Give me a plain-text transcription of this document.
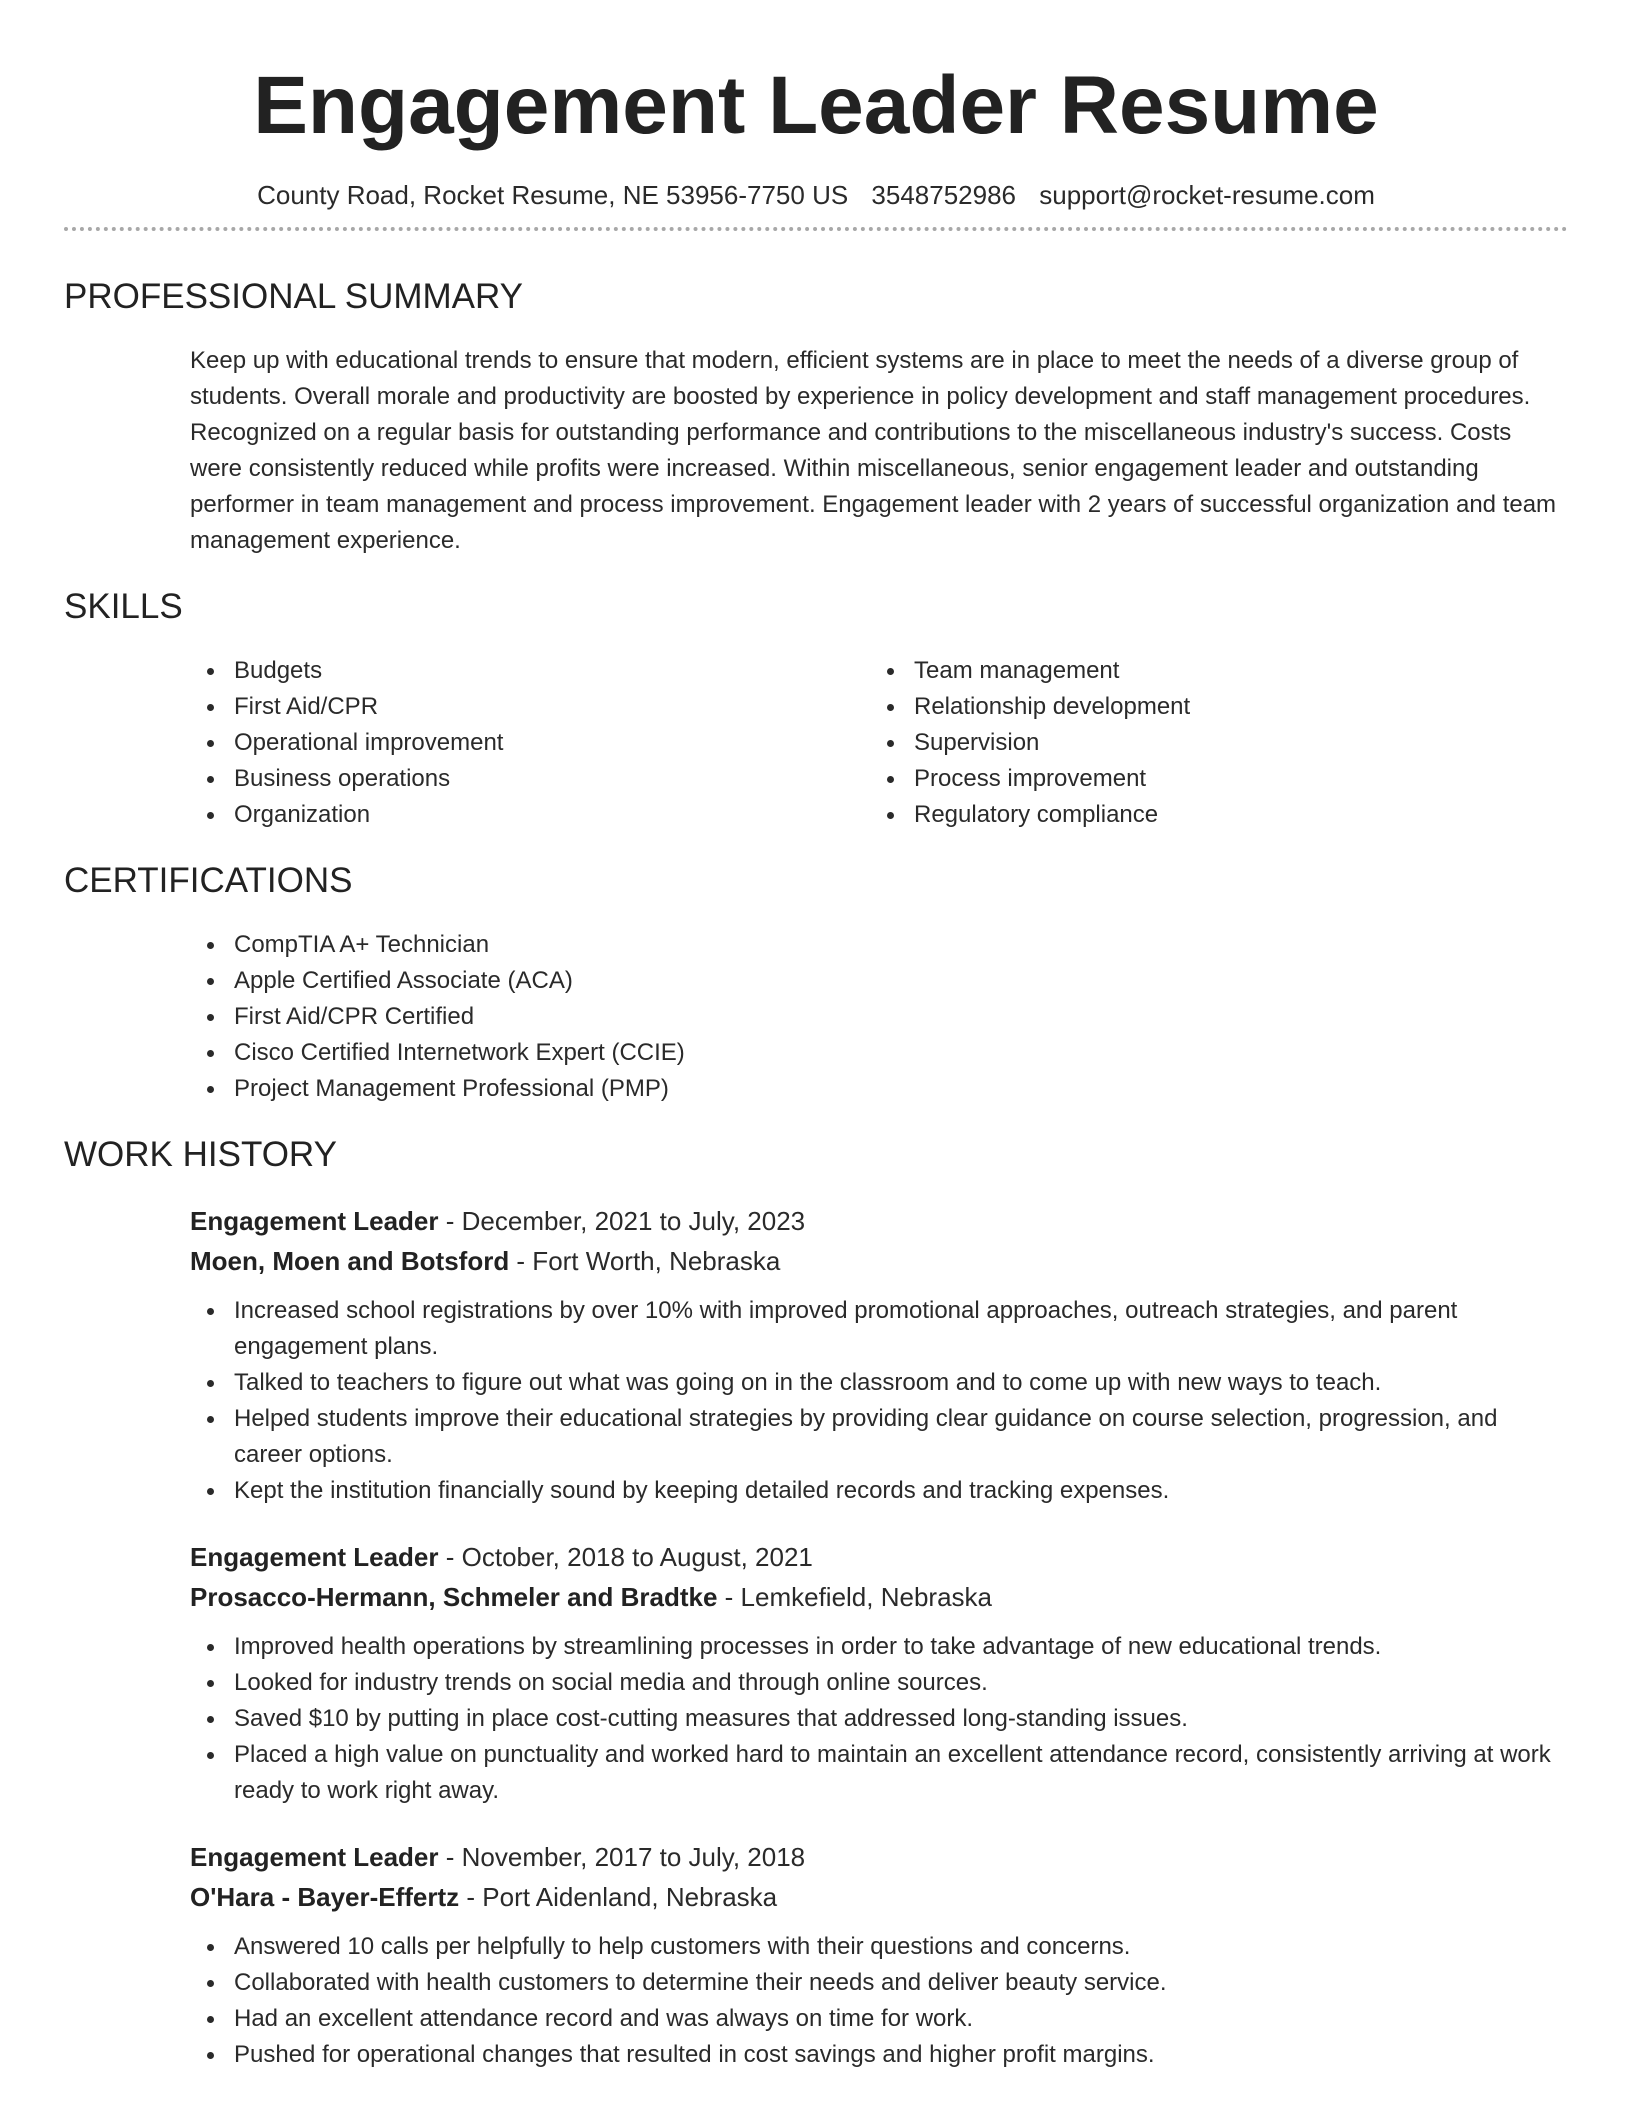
Engagement Leader Resume
County Road, Rocket Resume, NE 53956-7750 US 3548752986 support@rocket-resume.com
PROFESSIONAL SUMMARY

Keep up with educational trends to ensure that modern, efficient systems are in place to meet the needs of a diverse group of students. Overall morale and productivity are boosted by experience in policy development and staff management procedures. Recognized on a regular basis for outstanding performance and contributions to the miscellaneous industry's success. Costs were consistently reduced while profits were increased. Within miscellaneous, senior engagement leader and outstanding performer in team management and process improvement. Engagement leader with 2 years of successful organization and team management experience.

SKILLS
Budgets
First Aid/CPR
Operational improvement
Business operations
Organization
Team management
Relationship development
Supervision
Process improvement
Regulatory compliance
CERTIFICATIONS
CompTIA A+ Technician
Apple Certified Associate (ACA)
First Aid/CPR Certified
Cisco Certified Internetwork Expert (CCIE)
Project Management Professional (PMP)
WORK HISTORY
Engagement Leader - December, 2021 to July, 2023
Moen, Moen and Botsford - Fort Worth, Nebraska
Increased school registrations by over 10% with improved promotional approaches, outreach strategies, and parent engagement plans.
Talked to teachers to figure out what was going on in the classroom and to come up with new ways to teach.
Helped students improve their educational strategies by providing clear guidance on course selection, progression, and career options.
Kept the institution financially sound by keeping detailed records and tracking expenses.
Engagement Leader - October, 2018 to August, 2021
Prosacco-Hermann, Schmeler and Bradtke - Lemkefield, Nebraska
Improved health operations by streamlining processes in order to take advantage of new educational trends.
Looked for industry trends on social media and through online sources.
Saved $10 by putting in place cost-cutting measures that addressed long-standing issues.
Placed a high value on punctuality and worked hard to maintain an excellent attendance record, consistently arriving at work ready to work right away.
Engagement Leader - November, 2017 to July, 2018
O'Hara - Bayer-Effertz - Port Aidenland, Nebraska
Answered 10 calls per helpfully to help customers with their questions and concerns.
Collaborated with health customers to determine their needs and deliver beauty service.
Had an excellent attendance record and was always on time for work.
Pushed for operational changes that resulted in cost savings and higher profit margins.
